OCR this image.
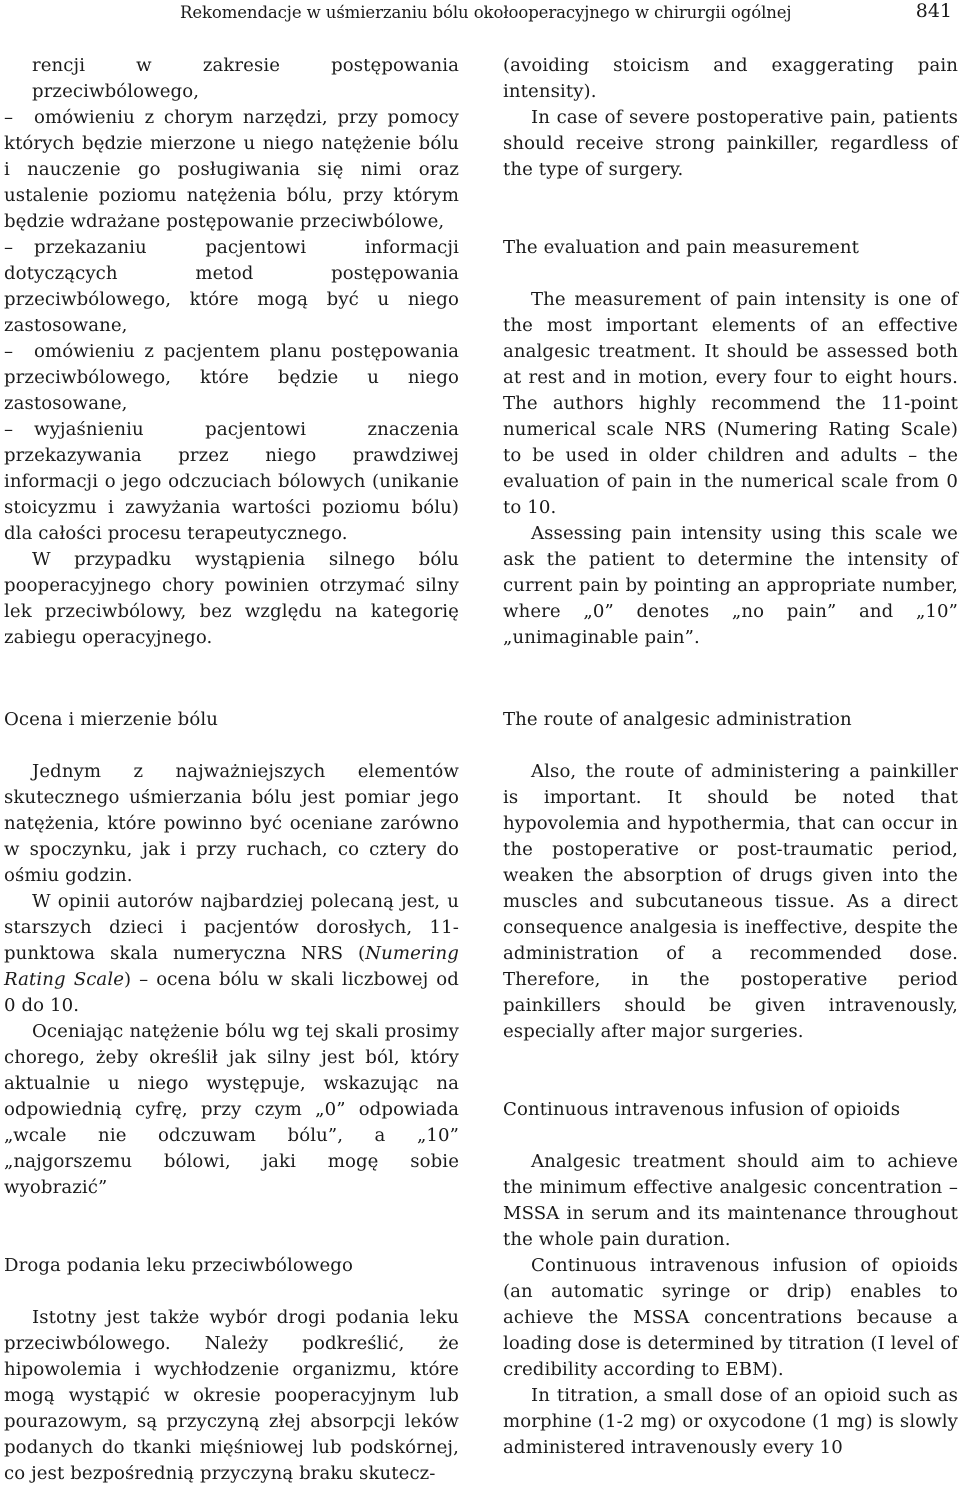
Rekomendacje w uśmierzaniu bólu okołooperacyjnego w chirurgii ogólnej	841

rencji w zakresie postępowania przeciwbólowego,

– omówieniu z chorym narzędzi, przy pomocy których będzie mierzone u niego natężenie bólu i nauczenie go posługiwania się nimi oraz ustalenie poziomu natężenia bólu, przy którym będzie wdrażane postępowanie przeciwbólowe,

– przekazaniu pacjentowi informacji dotyczących metod postępowania przeciwbólowego, które mogą być u niego zastosowane,

– omówieniu z pacjentem planu postępowania przeciwbólowego, które będzie u niego zastosowane,

– wyjaśnieniu pacjentowi znaczenia przekazywania przez niego prawdziwej informacji o jego odczuciach bólowych (unikanie stoicyzmu i zawyżania wartości poziomu bólu) dla całości procesu terapeutycznego.

W przypadku wystąpienia silnego bólu pooperacyjnego chory powinien otrzymać silny lek przeciwbólowy, bez względu na kategorię zabiegu operacyjnego.

(avoiding stoicism and exaggerating pain intensity).

In case of severe postoperative pain, patients should receive strong painkiller, regardless of the type of surgery.

The evaluation and pain measurement

The measurement of pain intensity is one of the most important elements of an effective analgesic treatment. It should be assessed both at rest and in motion, every four to eight hours. The authors highly recommend the 11-point numerical scale NRS (Numering Rating Scale) to be used in older children and adults – the evaluation of pain in the numerical scale from 0 to 10.

Assessing pain intensity using this scale we ask the patient to determine the intensity of current pain by pointing an appropriate number, where „0” denotes „no pain” and „10” „unimaginable pain”.

Ocena i mierzenie bólu

Jednym z najważniejszych elementów skutecznego uśmierzania bólu jest pomiar jego natężenia, które powinno być oceniane zarówno w spoczynku, jak i przy ruchach, co cztery do ośmiu godzin.

W opinii autorów najbardziej polecaną jest, u starszych dzieci i pacjentów dorosłych, 11-punktowa skala numeryczna NRS (Numering Rating Scale) – ocena bólu w skali liczbowej od 0 do 10.

Oceniając natężenie bólu wg tej skali prosimy chorego, żeby określił jak silny jest ból, który aktualnie u niego występuje, wskazując na odpowiednią cyfrę, przy czym „0” odpowiada „wcale nie odczuwam bólu”, a „10” „najgorszemu bólowi, jaki mogę sobie wyobrazić”

Droga podania leku przeciwbólowego

Istotny jest także wybór drogi podania leku przeciwbólowego. Należy podkreślić, że hipowolemia i wychłodzenie organizmu, które mogą wystąpić w okresie pooperacyjnym lub pourazowym, są przyczyną złej absorpcji leków podanych do tkanki mięśniowej lub podskórnej, co jest bezpośrednią przyczyną braku skutecz-

The route of analgesic administration

Also, the route of administering a painkiller is important. It should be noted that hypovolemia and hypothermia, that can occur in the postoperative or post-traumatic period, weaken the absorption of drugs given into the muscles and subcutaneous tissue. As a direct consequence analgesia is ineffective, despite the administration of a recommended dose. Therefore, in the postoperative period painkillers should be given intravenously, especially after major surgeries.

Continuous intravenous infusion of opioids

Analgesic treatment should aim to achieve the minimum effective analgesic concentration – MSSA in serum and its maintenance throughout the whole pain duration.

Continuous intravenous infusion of opioids (an automatic syringe or drip) enables to achieve the MSSA concentrations because a loading dose is determined by titration (I level of credibility according to EBM).

In titration, a small dose of an opioid such as morphine (1-2 mg) or oxycodone (1 mg) is slowly administered intravenously every 10
